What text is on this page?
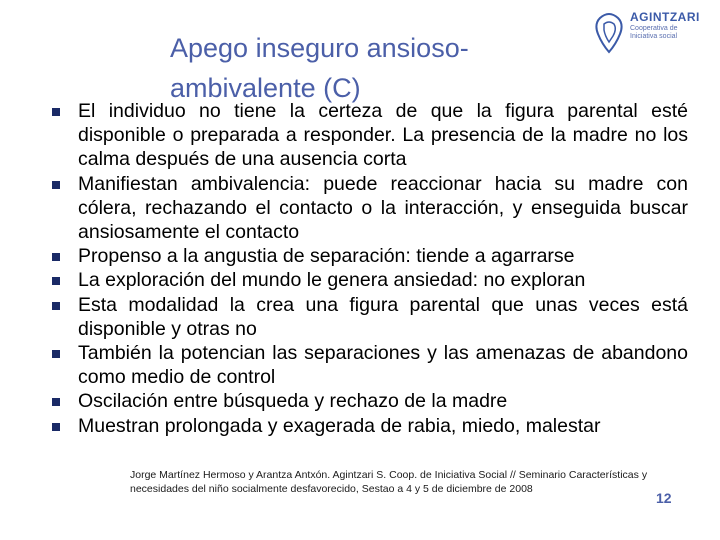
Apego inseguro ansioso-
ambivalente (C)
AGINTZARI
Cooperativa de Iniciativa social
El individuo no tiene la certeza de que la figura parental esté disponible o preparada a responder. La presencia de la madre no los calma después de una ausencia corta
Manifiestan ambivalencia: puede reaccionar hacia su madre con cólera, rechazando el contacto o la interacción, y enseguida buscar ansiosamente el contacto
Propenso a la angustia de separación: tiende a agarrarse
La exploración del mundo le genera ansiedad: no exploran
Esta modalidad la crea una figura parental que unas veces está disponible y otras no
También la potencian las separaciones y las amenazas de abandono como medio de control
Oscilación entre búsqueda y rechazo de la madre
Muestran prolongada y exagerada de rabia, miedo, malestar
Jorge Martínez Hermoso y Arantza Antxón. Agintzari S. Coop. de Iniciativa Social // Seminario Características y necesidades del niño socialmente desfavorecido, Sestao a 4 y 5 de diciembre de 2008
12
